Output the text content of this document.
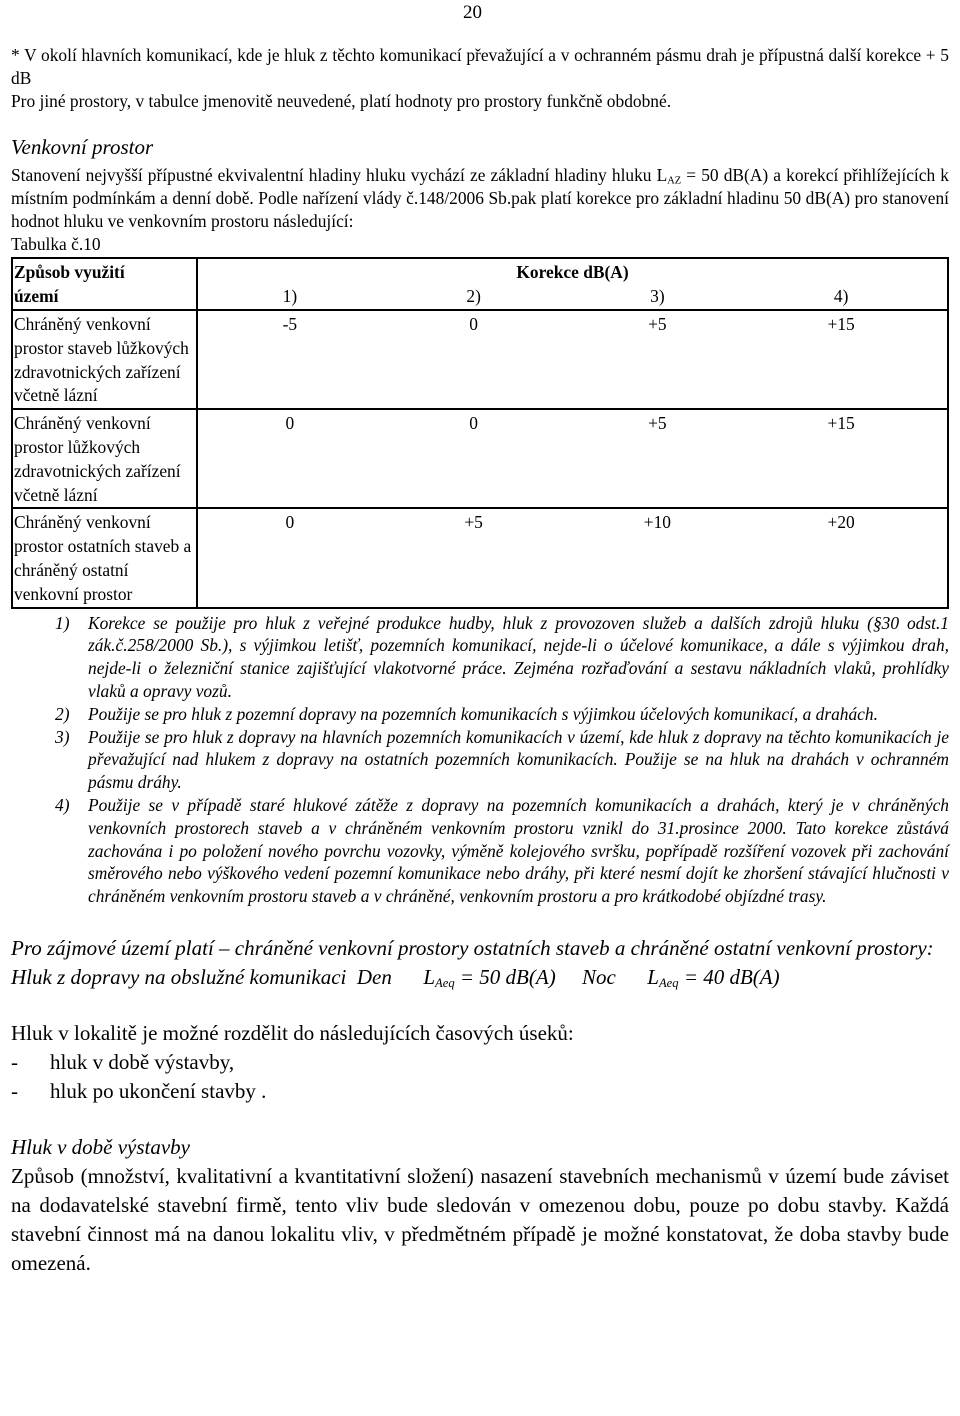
20

* V okolí hlavních komunikací, kde je hluk z těchto komunikací převažující a v ochranném pásmu drah je přípustná další korekce + 5 dB

Pro jiné prostory, v tabulce jmenovitě neuvedené, platí hodnoty pro prostory funkčně obdobné.

Venkovní prostor

Stanovení nejvyšší přípustné ekvivalentní hladiny hluku vychází ze základní hladiny hluku $L_{AZ} = 50$ dB(A) a korekcí přihlížejících k místním podmínkám a denní době. Podle nařízení vlády č.148/2006 Sb.pak platí korekce pro základní hladinu 50 dB(A) pro stanovení hodnot hluku ve venkovním prostoru následující:

Tabulka č.10

Způsob využití	Korekce dB(A)
území	1) 2) 3) 4)

Chráněný venkovní prostor staveb lůžkových zdravotnických zařízení včetně lázní	-5 0 +5 +15

Chráněný venkovní prostor lůžkových zdravotnických zařízení včetně lázní	0 0 +5 +15

Chráněný venkovní prostor ostatních staveb a chráněný ostatní venkovní prostor	0 +5 +10 +20
1)	Korekce se použije pro hluk z veřejné produkce hudby, hluk z provozoven služeb a dalších zdrojů hluku (§30 odst.1 zák.č.258/2000 Sb.), s výjimkou letišť, pozemních komunikací, nejde-li o účelové komunikace, a dále s výjimkou drah, nejde-li o železniční stanice zajišťující vlakotvorné práce. Zejména rozřaďování a sestavu nákladních vlaků, prohlídky vlaků a opravy vozů.
2)	Použije se pro hluk z pozemní dopravy na pozemních komunikacích s výjimkou účelových komunikací, a drahách.
3)	Použije se pro hluk z dopravy na hlavních pozemních komunikacích v území, kde hluk z dopravy na těchto komunikacích je převažující nad hlukem z dopravy na ostatních pozemních komunikacích. Použije se na hluk na drahách v ochranném pásmu dráhy.
4)	Použije se v případě staré hlukové zátěže z dopravy na pozemních komunikacích a drahách, který je v chráněných venkovních prostorech staveb a v chráněném venkovním prostoru vznikl do 31.prosince 2000. Tato korekce zůstává zachována i po položení nového povrchu vozovky, výměně kolejového svršku, popřípadě rozšíření vozovek při zachování směrového nebo výškového vedení pozemní komunikace nebo dráhy, při které nesmí dojít ke zhoršení stávající hlučnosti v chráněném venkovním prostoru staveb a v chráněné, venkovním prostoru a pro krátkodobé objízdné trasy.

Pro zájmové území platí – chráněné venkovní prostory ostatních staveb a chráněné ostatní venkovní prostory:

Hluk z dopravy na obslužné komunikaci Den $L_{Aeq} = 50$ dB(A) Noc $L_{Aeq} = 40$ dB(A)

Hluk v lokalitě je možné rozdělit do následujících časových úseků:

-	hluk v době výstavby,
-	hluk po ukončení stavby .

Hluk v době výstavby

Způsob (množství, kvalitativní a kvantitativní složení) nasazení stavebních mechanismů v území bude záviset na dodavatelské stavební firmě, tento vliv bude sledován v omezenou dobu, pouze po dobu stavby. Každá stavební činnost má na danou lokalitu vliv, v předmětném případě je možné konstatovat, že doba stavby bude omezená.
